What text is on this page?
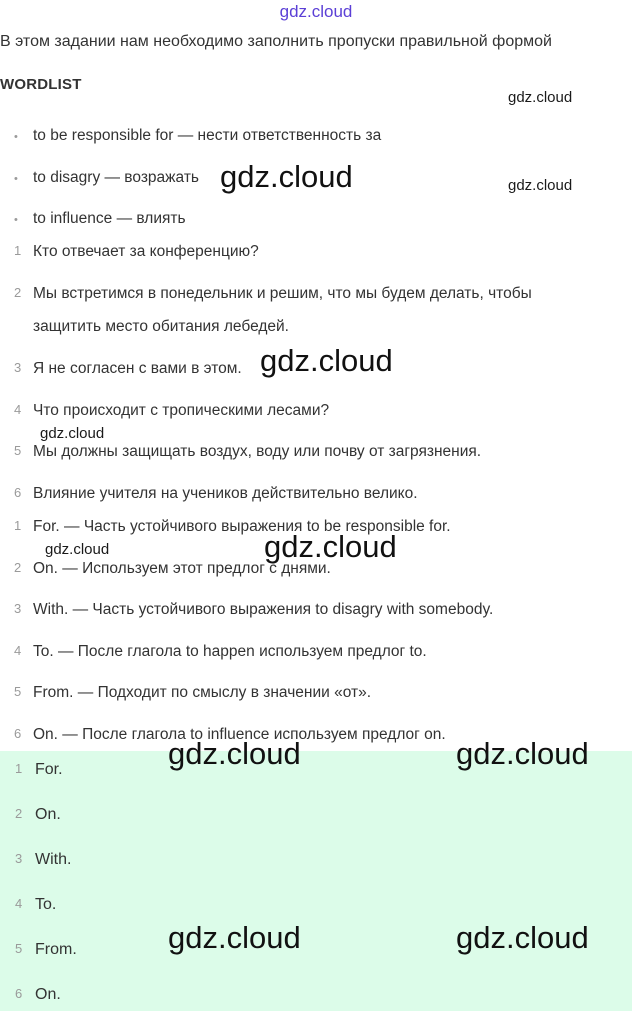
gdz.cloud
В этом задании нам необходимо заполнить пропуски правильной формой
WORDLIST
• to be responsible for — нести ответственность за
• to disagry — возражать
• to influence — влиять
1 Кто отвечает за конференцию?
2 Мы встретимся в понедельник и решим, что мы будем делать, чтобы
защитить место обитания лебедей.
3 Я не согласен с вами в этом.
4 Что происходит с тропическими лесами?
5 Мы должны защищать воздух, воду или почву от загрязнения.
6 Влияние учителя на учеников действительно велико.
1 For. — Часть устойчивого выражения to be responsible for.
2 On. — Используем этот предлог с днями.
3 With. — Часть устойчивого выражения to disagry with somebody.
4 To. — После глагола to happen используем предлог to.
5 From. — Подходит по смыслу в значении «от».
6 On. — После глагола to influence используем предлог on.
1 For.
2 On.
3 With.
4 To.
5 From.
6 On.
gdz.cloud
gdz.cloud
gdz.cloud
gdz.cloud
gdz.cloud
gdz.cloud	gdz.cloud
gdz.cloud	gdz.cloud
gdz.cloud	gdz.cloud
